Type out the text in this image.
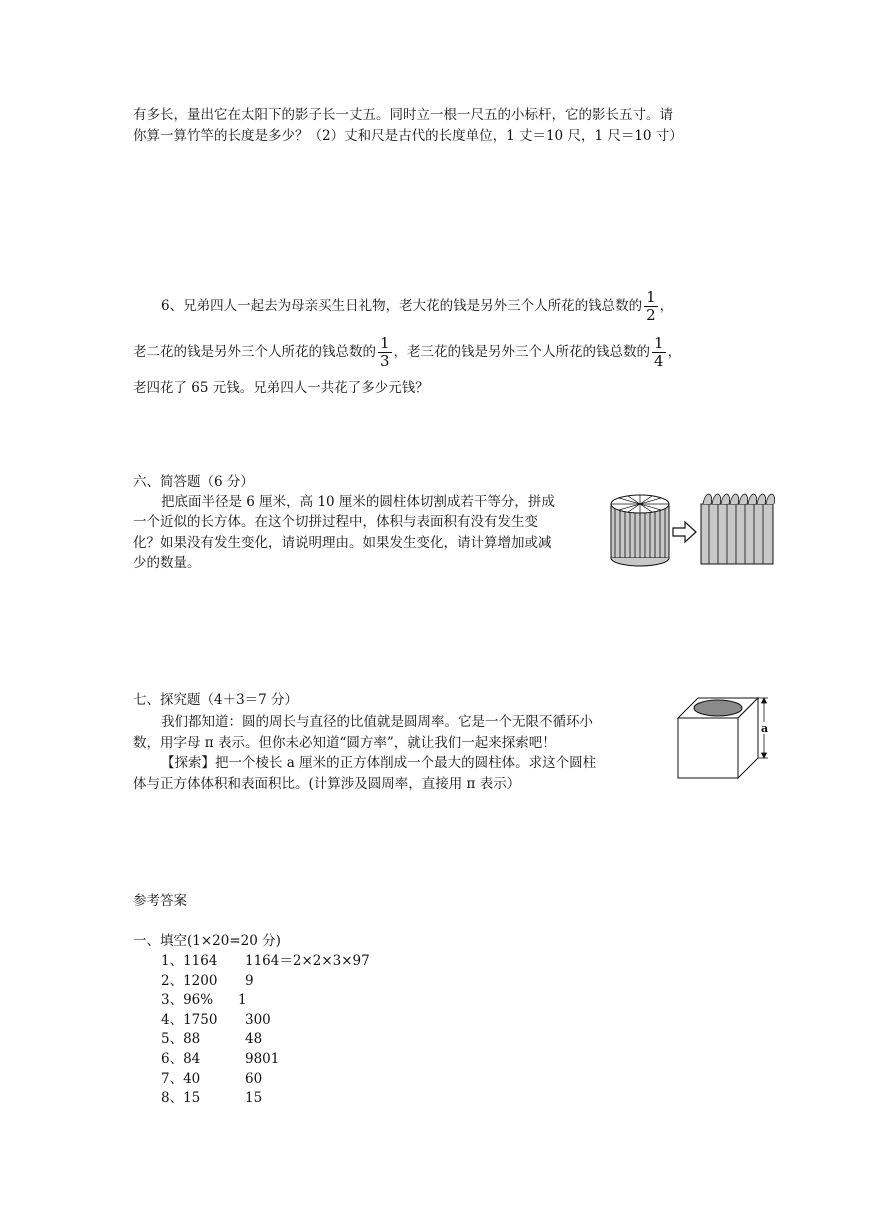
有多长，量出它在太阳下的影子长一丈五。同时立一根一尺五的小标杆，它的影长五寸。请
你算一算竹竿的长度是多少？（2）丈和尺是古代的长度单位，1 丈＝10 尺，1 尺＝10 寸）
6、兄弟四人一起去为母亲买生日礼物，老大花的钱是另外三个人所花的钱总数的 $\frac{1}{2}$ ，
老二花的钱是另外三个人所花的钱总数的 $\frac{1}{3}$ ，老三花的钱是另外三个人所花的钱总数的 $\frac{1}{4}$ ，
老四花了 65 元钱。兄弟四人一共花了多少元钱？
六、简答题（6 分）
把底面半径是 6 厘米，高 10 厘米的圆柱体切割成若干等分，拼成
一个近似的长方体。在这个切拼过程中，体积与表面积有没有发生变
化？如果没有发生变化，请说明理由。如果发生变化，请计算增加或减
少的数量。
七、探究题（4＋3＝7 分）
我们都知道：圆的周长与直径的比值就是圆周率。它是一个无限不循环小
数，用字母 π 表示。但你未必知道“圆方率”，就让我们一起来探索吧！
【探索】把一个棱长 a 厘米的正方体削成一个最大的圆柱体。求这个圆柱
体与正方体体积和表面积比。(计算涉及圆周率，直接用 π 表示）
a
参考答案
一、填空(1×20=20 分)
1、1164 1164＝2×2×3×97
2、1200 9
3、96% 1
4、1750 300
5、88	48
6、84	9801
7、40	60
8、15	15
